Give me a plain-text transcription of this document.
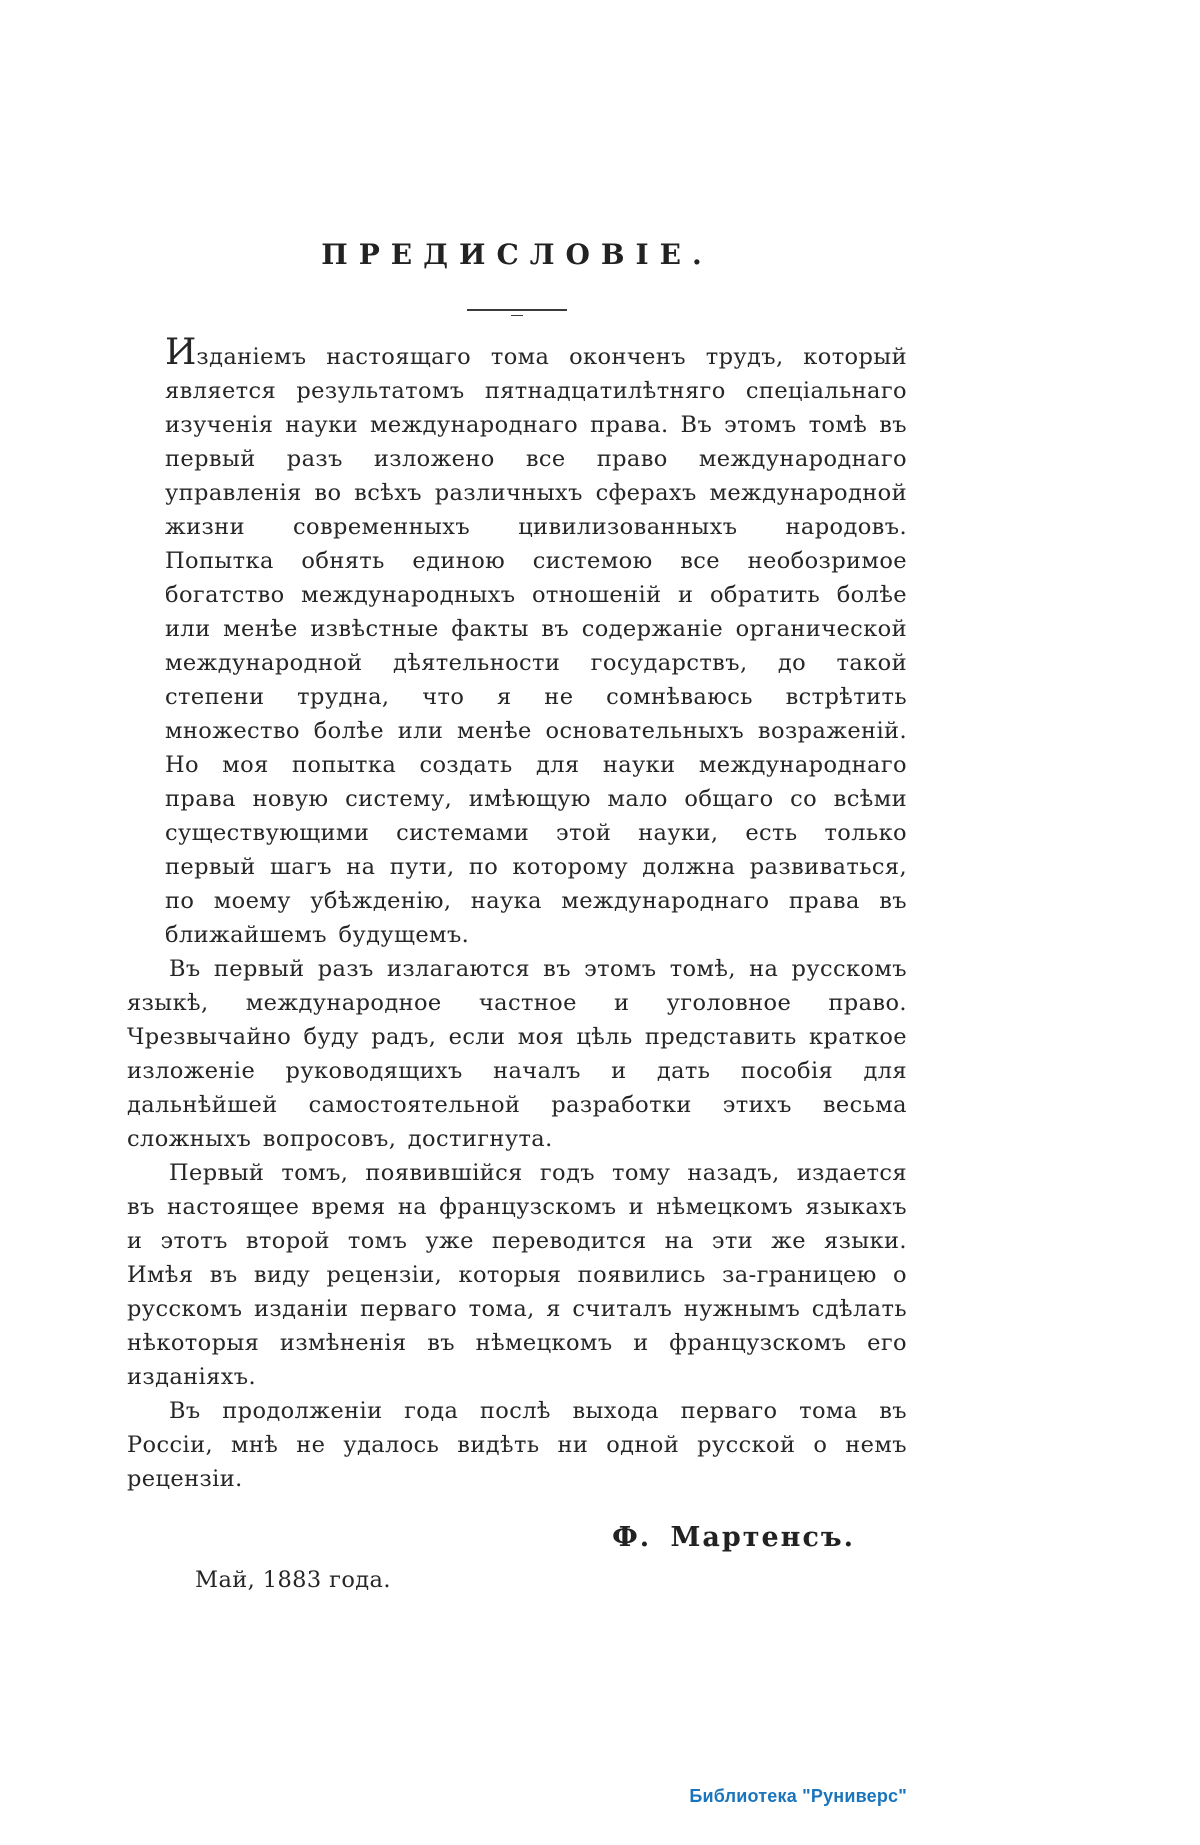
ПРЕДИСЛОВІЕ.

Изданіемъ настоящаго тома оконченъ трудъ, который является результатомъ пятнадцатилѣтняго спеціальнаго изученія науки международнаго права. Въ этомъ томѣ въ первый разъ изложено все право международнаго управленія во всѣхъ различныхъ сферахъ международной жизни современныхъ цивилизованныхъ народовъ. Попытка обнять единою системою все необозримое богатство международныхъ отношеній и обратить болѣе или менѣе извѣстные факты въ содержаніе органической международной дѣятельности государствъ, до такой степени трудна, что я не сомнѣваюсь встрѣтить множество болѣе или менѣе основательныхъ возраженій. Но моя попытка создать для науки международнаго права новую систему, имѣющую мало общаго со всѣми существующими системами этой науки, есть только первый шагъ на пути, по которому должна развиваться, по моему убѣжденію, наука международнаго права въ ближайшемъ будущемъ.

Въ первый разъ излагаются въ этомъ томѣ, на русскомъ языкѣ, международное частное и уголовное право. Чрезвычайно буду радъ, если моя цѣль представить краткое изложеніе руководящихъ началъ и дать пособія для дальнѣйшей самостоятельной разработки этихъ весьма сложныхъ вопросовъ, достигнута.

Первый томъ, появившійся годъ тому назадъ, издается въ настоящее время на французскомъ и нѣмецкомъ языкахъ и этотъ второй томъ уже переводится на эти же языки. Имѣя въ виду рецензіи, которыя появились за-границею о русскомъ изданіи перваго тома, я считалъ нужнымъ сдѣлать нѣкоторыя измѣненія въ нѣмецкомъ и французскомъ его изданіяхъ.

Въ продолженіи года послѣ выхода перваго тома въ Россіи, мнѣ не удалось видѣть ни одной русской о немъ рецензіи.

Ф. Мартенсъ.
Май, 1883 года.
Библиотека "Руниверс"
